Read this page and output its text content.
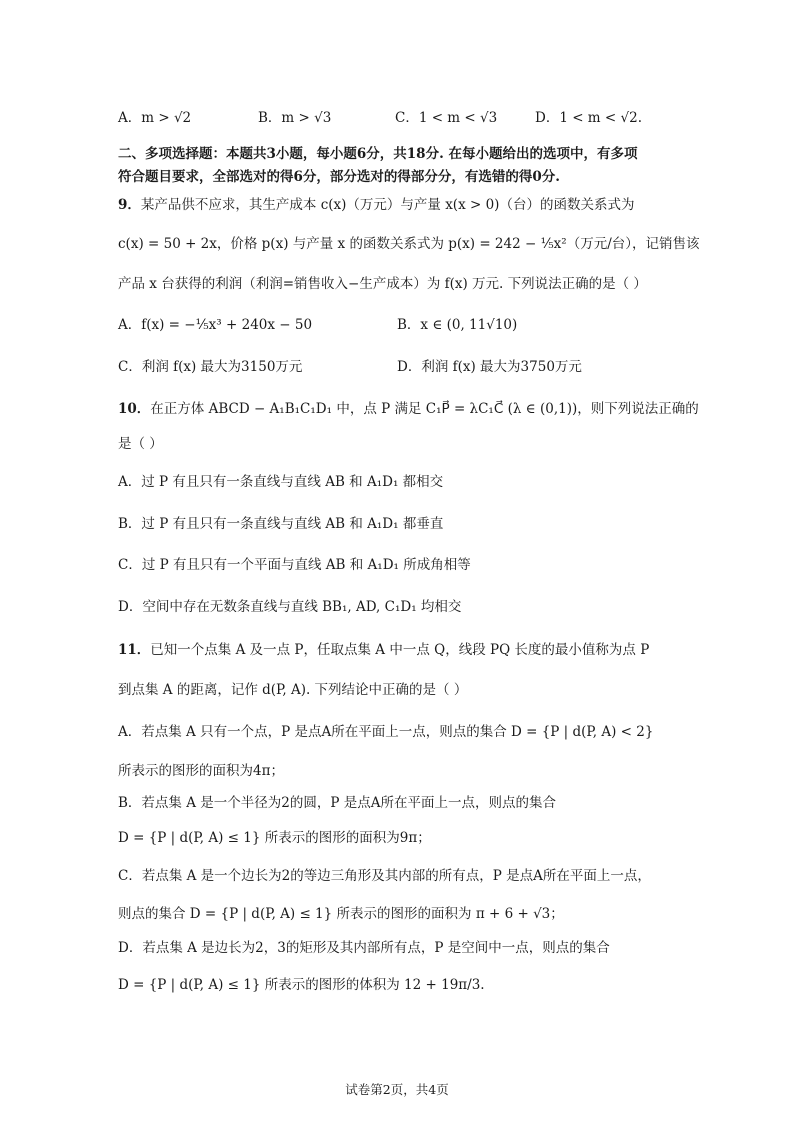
A．m > √2	B．m > √3	C．1 < m < √3	D．1 < m < √2.
二、多项选择题：本题共3小题，每小题6分，共18分. 在每小题给出的选项中，有多项
符合题目要求，全部选对的得6分，部分选对的得部分分，有选错的得0分.
9．某产品供不应求，其生产成本 c(x)（万元）与产量 x(x > 0)（台）的函数关系式为
c(x) = 50 + 2x，价格 p(x) 与产量 x 的函数关系式为 p(x) = 242 − ⅕x²（万元/台），记销售该
产品 x 台获得的利润（利润=销售收入−生产成本）为 f(x) 万元. 下列说法正确的是（ ）
A．f(x) = −⅕x³ + 240x − 50	B．x ∈ (0, 11√10)
C．利润 f(x) 最大为3150万元	D．利润 f(x) 最大为3750万元
10．在正方体 ABCD − A₁B₁C₁D₁ 中，点 P 满足 C₁P⃗ = λC₁C⃗ (λ ∈ (0,1))，则下列说法正确的
是（ ）
A．过 P 有且只有一条直线与直线 AB 和 A₁D₁ 都相交
B．过 P 有且只有一条直线与直线 AB 和 A₁D₁ 都垂直
C．过 P 有且只有一个平面与直线 AB 和 A₁D₁ 所成角相等
D．空间中存在无数条直线与直线 BB₁, AD, C₁D₁ 均相交
11．已知一个点集 A 及一点 P，任取点集 A 中一点 Q，线段 PQ 长度的最小值称为点 P
到点集 A 的距离，记作 d(P, A). 下列结论中正确的是（ ）
A．若点集 A 只有一个点，P 是点A所在平面上一点，则点的集合 D = {P | d(P, A) < 2}
所表示的图形的面积为4π；
B．若点集 A 是一个半径为2的圆，P 是点A所在平面上一点，则点的集合
D = {P | d(P, A) ≤ 1} 所表示的图形的面积为9π；
C．若点集 A 是一个边长为2的等边三角形及其内部的所有点，P 是点A所在平面上一点，
则点的集合 D = {P | d(P, A) ≤ 1} 所表示的图形的面积为 π + 6 + √3；
D．若点集 A 是边长为2，3的矩形及其内部所有点，P 是空间中一点，则点的集合
D = {P | d(P, A) ≤ 1} 所表示的图形的体积为 12 + 19π/3.
试卷第2页，共4页
